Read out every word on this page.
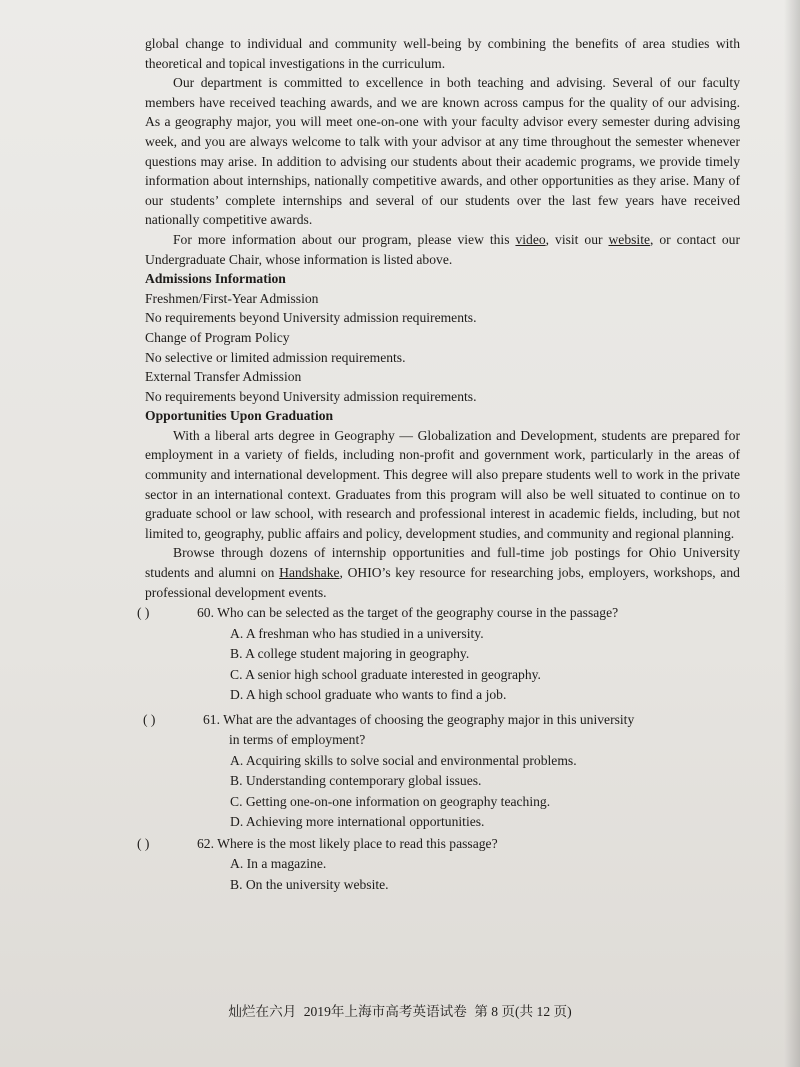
global change to individual and community well-being by combining the benefits of area studies with theoretical and topical investigations in the curriculum.

Our department is committed to excellence in both teaching and advising. Several of our faculty members have received teaching awards, and we are known across campus for the quality of our advising. As a geography major, you will meet one-on-one with your faculty advisor every semester during advising week, and you are always welcome to talk with your advisor at any time throughout the semester whenever questions may arise. In addition to advising our students about their academic programs, we provide timely information about internships, nationally competitive awards, and other opportunities as they arise. Many of our students’ complete internships and several of our students over the last few years have received nationally competitive awards.

For more information about our program, please view this video, visit our website, or contact our Undergraduate Chair, whose information is listed above.

Admissions Information

Freshmen/First-Year Admission

No requirements beyond University admission requirements.

Change of Program Policy

No selective or limited admission requirements.

External Transfer Admission

No requirements beyond University admission requirements.

Opportunities Upon Graduation

With a liberal arts degree in Geography — Globalization and Development, students are prepared for employment in a variety of fields, including non-profit and government work, particularly in the areas of community and international development. This degree will also prepare students well to work in the private sector in an international context. Graduates from this program will also be well situated to continue on to graduate school or law school, with research and professional interest in academic fields, including, but not limited to, geography, public affairs and policy, development studies, and community and regional planning.

Browse through dozens of internship opportunities and full-time job postings for Ohio University students and alumni on Handshake, OHIO’s key resource for researching jobs, employers, workshops, and professional development events.

( )	60. Who can be selected as the target of the geography course in the passage?
A. A freshman who has studied in a university.
B. A college student majoring in geography.
C. A senior high school graduate interested in geography.
D. A high school graduate who wants to find a job.
( )	61. What are the advantages of choosing the geography major in this university
in terms of employment?
A. Acquiring skills to solve social and environmental problems.
B. Understanding contemporary global issues.
C. Getting one-on-one information on geography teaching.
D. Achieving more international opportunities.
( )	62. Where is the most likely place to read this passage?
A. In a magazine.
B. On the university website.
灿烂在六月 2019年上海市高考英语试卷 第 8 页(共 12 页)
